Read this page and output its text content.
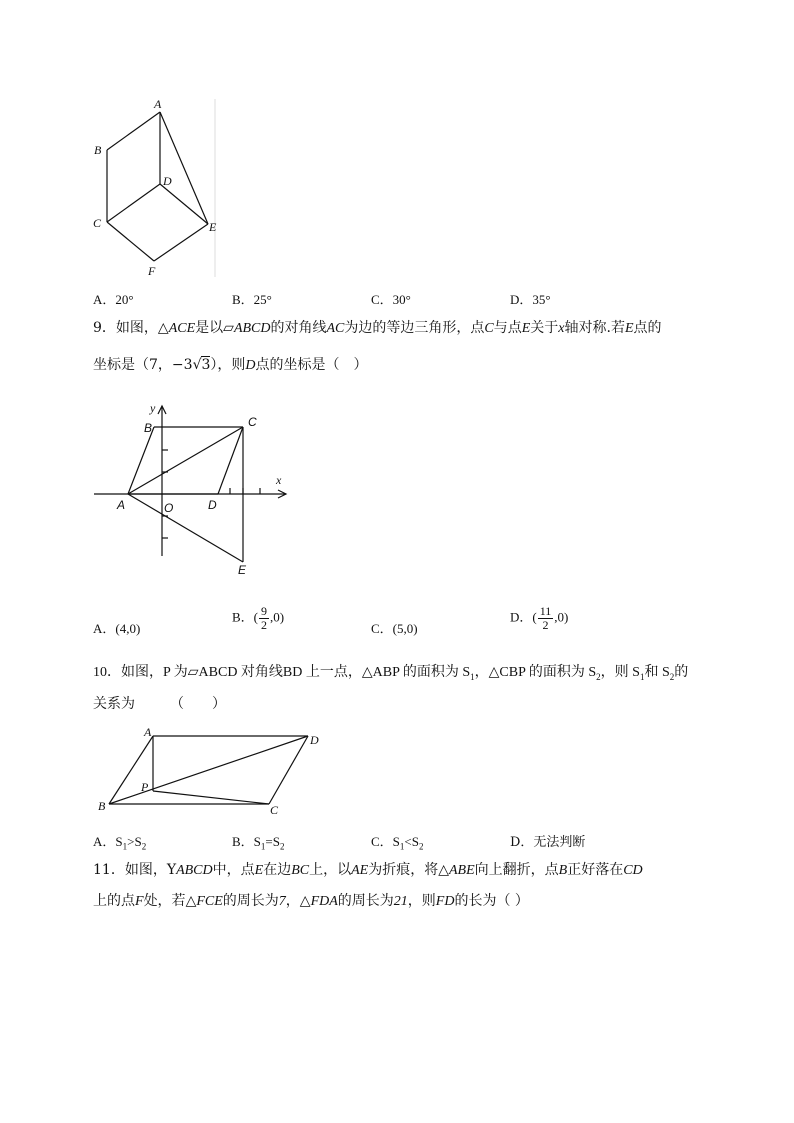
A
B
C
D
E
F
A．20°	B．25°	C．30°	D．35°
9．如图，△ACE是以▱ABCD的对角线AC为边的等边三角形，点C与点E关于x轴对称.若E点的
坐标是（7，−3√3），则D点的坐标是（　）
y
x
B	C
A	O	D
E
A．(4,0)
B．( $\frac{9}{2} ,0$)
C．(5,0)
D．( $\frac{11}{2} ,0$)
10．如图，P 为▱ABCD 对角线BD 上一点，△ABP 的面积为 $S_1$，△CBP 的面积为 $S_2$，则 $S_1$和 $S_2$的
关系为　　　（　　）
A
D
P
B	C
A．$S_1>S_2$	B．$S_1=S_2$	C．$S_1<S_2$	D．无法判断
11．如图，YABCD中，点E在边BC上，以AE为折痕，将△ABE向上翻折，点B正好落在CD
上的点F处，若△FCE的周长为7，△FDA的周长为21，则FD的长为（ ）
